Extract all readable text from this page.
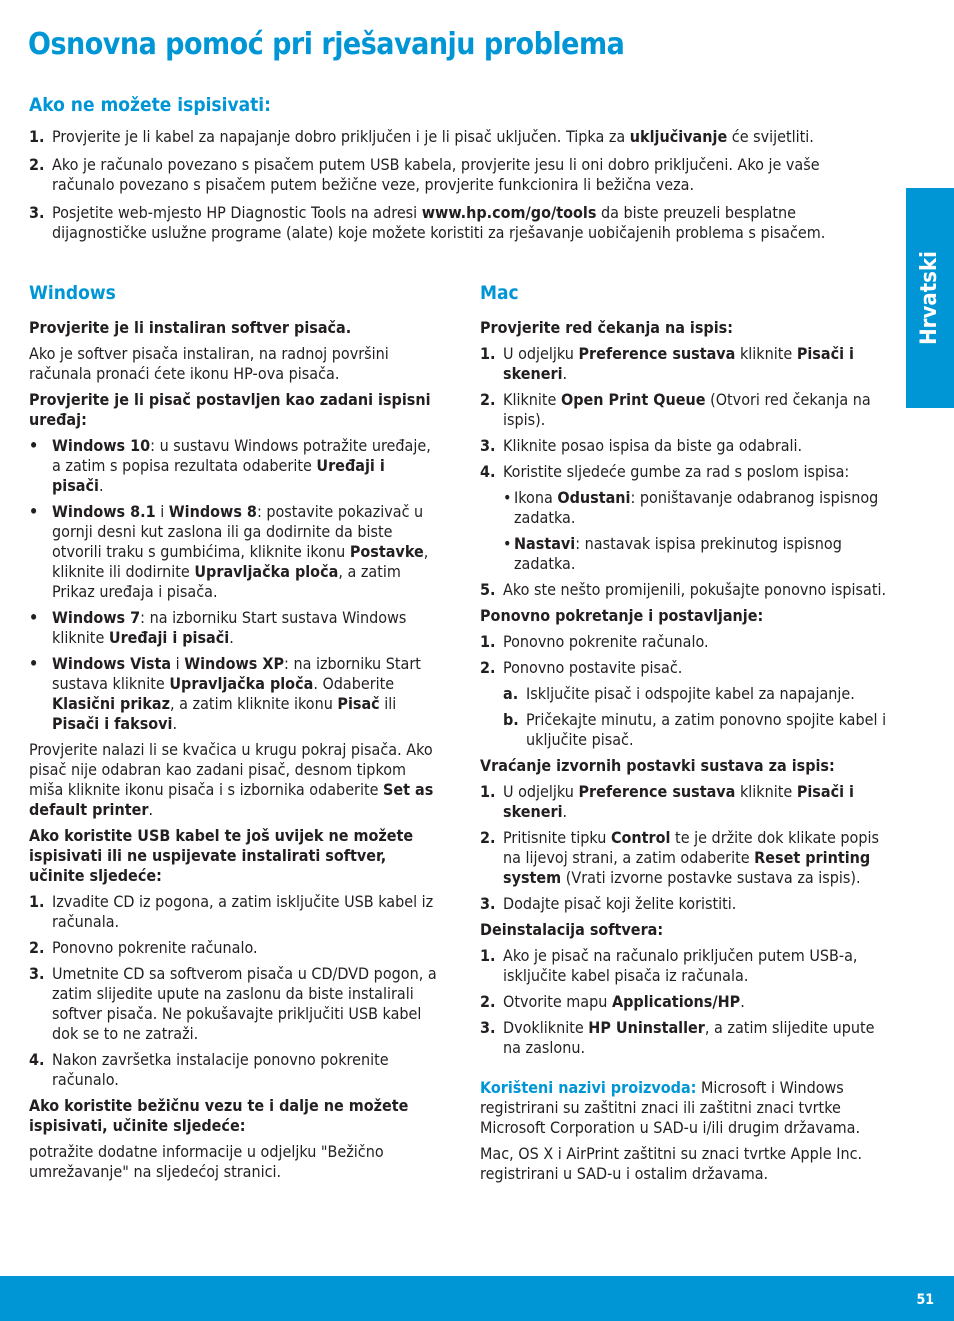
Osnovna pomoć pri rješavanju problema
Ako ne možete ispisivati:
1. Provjerite je li kabel za napajanje dobro priključen i je li pisač uključen. Tipka za uključivanje će svijetliti.
2. Ako je računalo povezano s pisačem putem USB kabela, provjerite jesu li oni dobro priključeni. Ako je vaše računalo povezano s pisačem putem bežične veze, provjerite funkcionira li bežična veza.
3. Posjetite web-mjesto HP Diagnostic Tools na adresi www.hp.com/go/tools da biste preuzeli besplatne dijagnostičke uslužne programe (alate) koje možete koristiti za rješavanje uobičajenih problema s pisačem.
Windows

Provjerite je li instaliran softver pisača.

Ako je softver pisača instaliran, na radnoj površini računala pronaći ćete ikonu HP-ova pisača.

Provjerite je li pisač postavljen kao zadani ispisni uređaj:

• Windows 10: u sustavu Windows potražite uređaje, a zatim s popisa rezultata odaberite Uređaji i pisači.
• Windows 8.1 i Windows 8: postavite pokazivač u gornji desni kut zaslona ili ga dodirnite da biste otvorili traku s gumbićima, kliknite ikonu Postavke, kliknite ili dodirnite Upravljačka ploča, a zatim Prikaz uređaja i pisača.
• Windows 7: na izborniku Start sustava Windows kliknite Uređaji i pisači.
• Windows Vista i Windows XP: na izborniku Start sustava kliknite Upravljačka ploča. Odaberite Klasični prikaz, a zatim kliknite ikonu Pisač ili Pisači i faksovi.

Provjerite nalazi li se kvačica u krugu pokraj pisača. Ako pisač nije odabran kao zadani pisač, desnom tipkom miša kliknite ikonu pisača i s izbornika odaberite Set as default printer.

Ako koristite USB kabel te još uvijek ne možete ispisivati ili ne uspijevate instalirati softver, učinite sljedeće:

1. Izvadite CD iz pogona, a zatim isključite USB kabel iz računala.
2. Ponovno pokrenite računalo.
3. Umetnite CD sa softverom pisača u CD/DVD pogon, a zatim slijedite upute na zaslonu da biste instalirali softver pisača. Ne pokušavajte priključiti USB kabel dok se to ne zatraži.
4. Nakon završetka instalacije ponovno pokrenite računalo.

Ako koristite bežičnu vezu te i dalje ne možete ispisivati, učinite sljedeće:

potražite dodatne informacije u odjeljku "Bežično umrežavanje" na sljedećoj stranici.

Mac

Provjerite red čekanja na ispis:

1. U odjeljku Preference sustava kliknite Pisači i skeneri.
2. Kliknite Open Print Queue (Otvori red čekanja na ispis).
3. Kliknite posao ispisa da biste ga odabrali.
4. Koristite sljedeće gumbe za rad s poslom ispisa:
• Ikona Odustani: poništavanje odabranog ispisnog zadatka.
• Nastavi: nastavak ispisa prekinutog ispisnog zadatka.
5. Ako ste nešto promijenili, pokušajte ponovno ispisati.

Ponovno pokretanje i postavljanje:

1. Ponovno pokrenite računalo.
2. Ponovno postavite pisač.
a. Isključite pisač i odspojite kabel za napajanje.
b. Pričekajte minutu, a zatim ponovno spojite kabel i uključite pisač.

Vraćanje izvornih postavki sustava za ispis:

1. U odjeljku Preference sustava kliknite Pisači i skeneri.
2. Pritisnite tipku Control te je držite dok klikate popis na lijevoj strani, a zatim odaberite Reset printing system (Vrati izvorne postavke sustava za ispis).
3. Dodajte pisač koji želite koristiti.

Deinstalacija softvera:

1. Ako je pisač na računalo priključen putem USB-a, isključite kabel pisača iz računala.
2. Otvorite mapu Applications/HP.
3. Dvokliknite HP Uninstaller, a zatim slijedite upute na zaslonu.

Korišteni nazivi proizvoda: Microsoft i Windows registrirani su zaštitni znaci ili zaštitni znaci tvrtke Microsoft Corporation u SAD-u i/ili drugim državama.

Mac, OS X i AirPrint zaštitni su znaci tvrtke Apple Inc. registrirani u SAD-u i ostalim državama.

Hrvatski
51
